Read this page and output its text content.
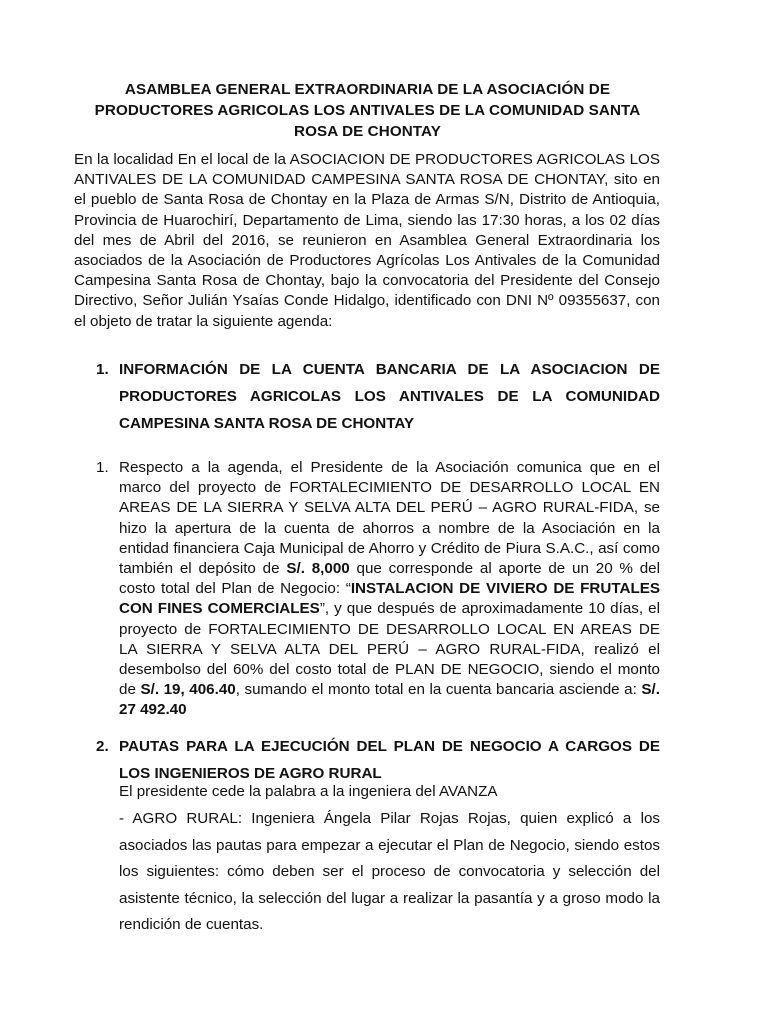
ASAMBLEA GENERAL EXTRAORDINARIA DE LA ASOCIACIÓN DE PRODUCTORES AGRICOLAS LOS ANTIVALES DE LA COMUNIDAD SANTA ROSA DE CHONTAY
En la localidad En el local de la ASOCIACION DE PRODUCTORES AGRICOLAS LOS ANTIVALES DE LA COMUNIDAD CAMPESINA SANTA ROSA DE CHONTAY, sito en el pueblo de Santa Rosa de Chontay en la Plaza de Armas S/N, Distrito de Antioquia, Provincia de Huarochirí, Departamento de Lima, siendo las 17:30 horas, a los 02 días del mes de Abril del 2016, se reunieron en Asamblea General Extraordinaria los asociados de la Asociación de Productores Agrícolas Los Antivales de la Comunidad Campesina Santa Rosa de Chontay, bajo la convocatoria del Presidente del Consejo Directivo, Señor Julián Ysaías Conde Hidalgo, identificado con DNI Nº 09355637, con el objeto de tratar la siguiente agenda:
1. INFORMACIÓN DE LA CUENTA BANCARIA DE LA ASOCIACION DE PRODUCTORES AGRICOLAS LOS ANTIVALES DE LA COMUNIDAD CAMPESINA SANTA ROSA DE CHONTAY
1. Respecto a la agenda, el Presidente de la Asociación comunica que en el marco del proyecto de FORTALECIMIENTO DE DESARROLLO LOCAL EN AREAS DE LA SIERRA Y SELVA ALTA DEL PERÚ – AGRO RURAL-FIDA, se hizo la apertura de la cuenta de ahorros a nombre de la Asociación en la entidad financiera Caja Municipal de Ahorro y Crédito de Piura S.A.C., así como también el depósito de S/. 8,000 que corresponde al aporte de un 20 % del costo total del Plan de Negocio: “INSTALACION DE VIVIERO DE FRUTALES CON FINES COMERCIALES”, y que después de aproximadamente 10 días, el proyecto de FORTALECIMIENTO DE DESARROLLO LOCAL EN AREAS DE LA SIERRA Y SELVA ALTA DEL PERÚ – AGRO RURAL-FIDA, realizó el desembolso del 60% del costo total de PLAN DE NEGOCIO, siendo el monto de S/. 19, 406.40, sumando el monto total en la cuenta bancaria asciende a: S/. 27 492.40
2. PAUTAS PARA LA EJECUCIÓN DEL PLAN DE NEGOCIO A CARGOS DE LOS INGENIEROS DE AGRO RURAL
El presidente cede la palabra a la ingeniera del AVANZA
- AGRO RURAL: Ingeniera Ángela Pilar Rojas Rojas, quien explicó a los asociados las pautas para empezar a ejecutar el Plan de Negocio, siendo estos los siguientes: cómo deben ser el proceso de convocatoria y selección del asistente técnico, la selección del lugar a realizar la pasantía y a groso modo la rendición de cuentas.
